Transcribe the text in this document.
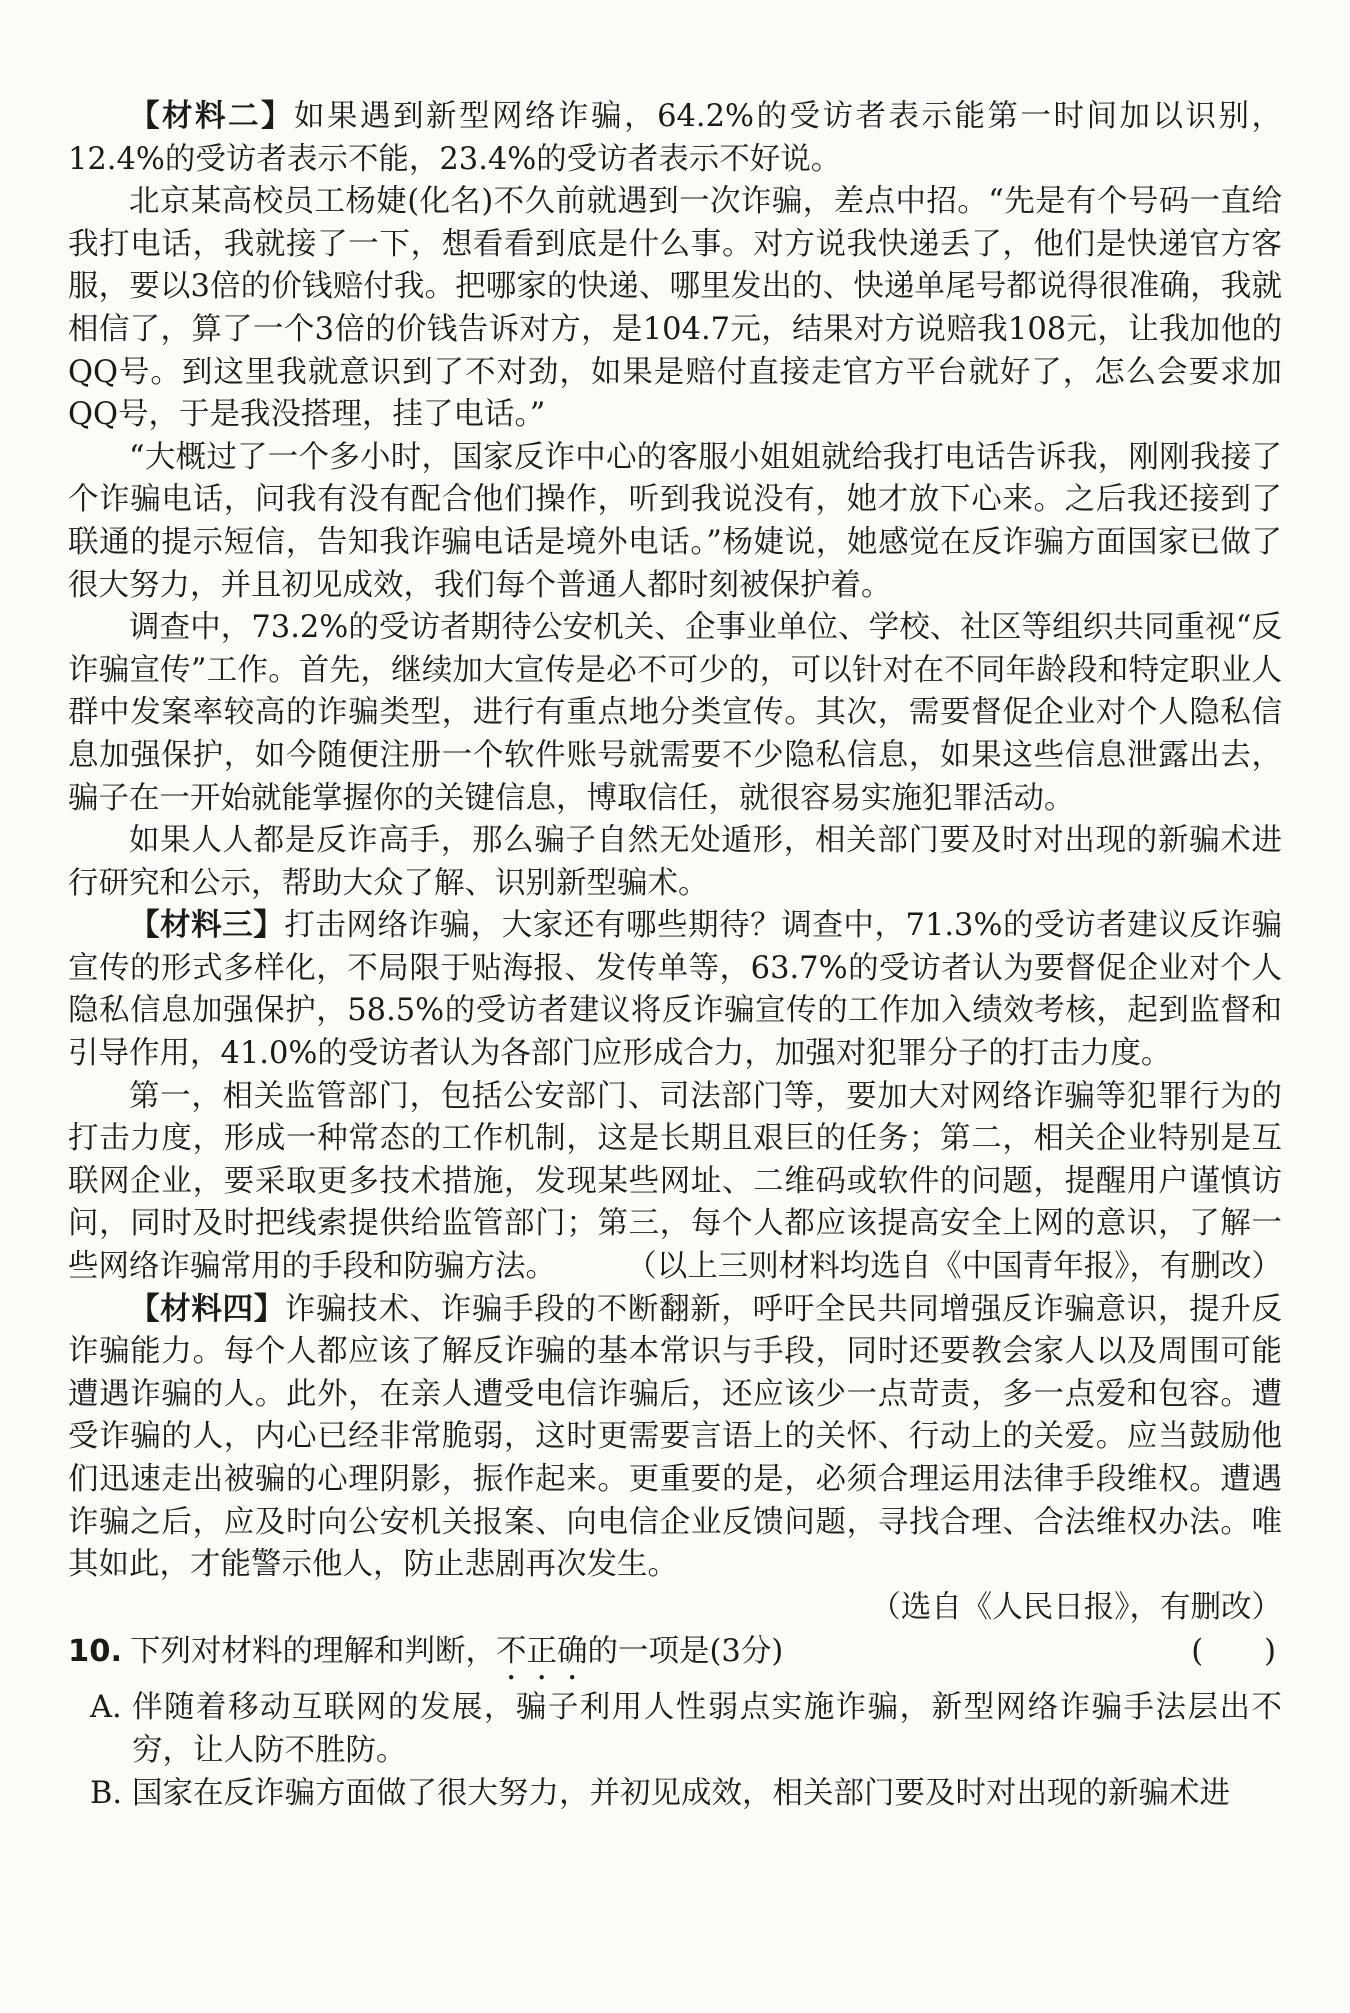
【材料二】如果遇到新型网络诈骗，64.2%的受访者表示能第一时间加以识别，12.4%的受访者表示不能，23.4%的受访者表示不好说。

北京某高校员工杨婕(化名)不久前就遇到一次诈骗，差点中招。“先是有个号码一直给我打电话，我就接了一下，想看看到底是什么事。对方说我快递丢了，他们是快递官方客服，要以3倍的价钱赔付我。把哪家的快递、哪里发出的、快递单尾号都说得很准确，我就相信了，算了一个3倍的价钱告诉对方，是104.7元，结果对方说赔我108元，让我加他的QQ号。到这里我就意识到了不对劲，如果是赔付直接走官方平台就好了，怎么会要求加QQ号，于是我没搭理，挂了电话。”

“大概过了一个多小时，国家反诈中心的客服小姐姐就给我打电话告诉我，刚刚我接了个诈骗电话，问我有没有配合他们操作，听到我说没有，她才放下心来。之后我还接到了联通的提示短信，告知我诈骗电话是境外电话。”杨婕说，她感觉在反诈骗方面国家已做了很大努力，并且初见成效，我们每个普通人都时刻被保护着。

调查中，73.2%的受访者期待公安机关、企事业单位、学校、社区等组织共同重视“反诈骗宣传”工作。首先，继续加大宣传是必不可少的，可以针对在不同年龄段和特定职业人群中发案率较高的诈骗类型，进行有重点地分类宣传。其次，需要督促企业对个人隐私信息加强保护，如今随便注册一个软件账号就需要不少隐私信息，如果这些信息泄露出去，骗子在一开始就能掌握你的关键信息，博取信任，就很容易实施犯罪活动。

如果人人都是反诈高手，那么骗子自然无处遁形，相关部门要及时对出现的新骗术进行研究和公示，帮助大众了解、识别新型骗术。

【材料三】打击网络诈骗，大家还有哪些期待？调查中，71.3%的受访者建议反诈骗宣传的形式多样化，不局限于贴海报、发传单等，63.7%的受访者认为要督促企业对个人隐私信息加强保护，58.5%的受访者建议将反诈骗宣传的工作加入绩效考核，起到监督和引导作用，41.0%的受访者认为各部门应形成合力，加强对犯罪分子的打击力度。

第一，相关监管部门，包括公安部门、司法部门等，要加大对网络诈骗等犯罪行为的打击力度，形成一种常态的工作机制，这是长期且艰巨的任务；第二，相关企业特别是互联网企业，要采取更多技术措施，发现某些网址、二维码或软件的问题，提醒用户谨慎访问，同时及时把线索提供给监管部门；第三，每个人都应该提高安全上网的意识，了解一些网络诈骗常用的手段和防骗方法。	（以上三则材料均选自《中国青年报》，有删改）

【材料四】诈骗技术、诈骗手段的不断翻新，呼吁全民共同增强反诈骗意识，提升反诈骗能力。每个人都应该了解反诈骗的基本常识与手段，同时还要教会家人以及周围可能遭遇诈骗的人。此外，在亲人遭受电信诈骗后，还应该少一点苛责，多一点爱和包容。遭受诈骗的人，内心已经非常脆弱，这时更需要言语上的关怀、行动上的关爱。应当鼓励他们迅速走出被骗的心理阴影，振作起来。更重要的是，必须合理运用法律手段维权。遭遇诈骗之后，应及时向公安机关报案、向电信企业反馈问题，寻找合理、合法维权办法。唯其如此，才能警示他人，防止悲剧再次发生。

（选自《人民日报》，有删改）

10. 下列对材料的理解和判断，不正确的一项是(3分)	(　　)
A. 伴随着移动互联网的发展，骗子利用人性弱点实施诈骗，新型网络诈骗手法层出不穷，让人防不胜防。
B. 国家在反诈骗方面做了很大努力，并初见成效，相关部门要及时对出现的新骗术进
